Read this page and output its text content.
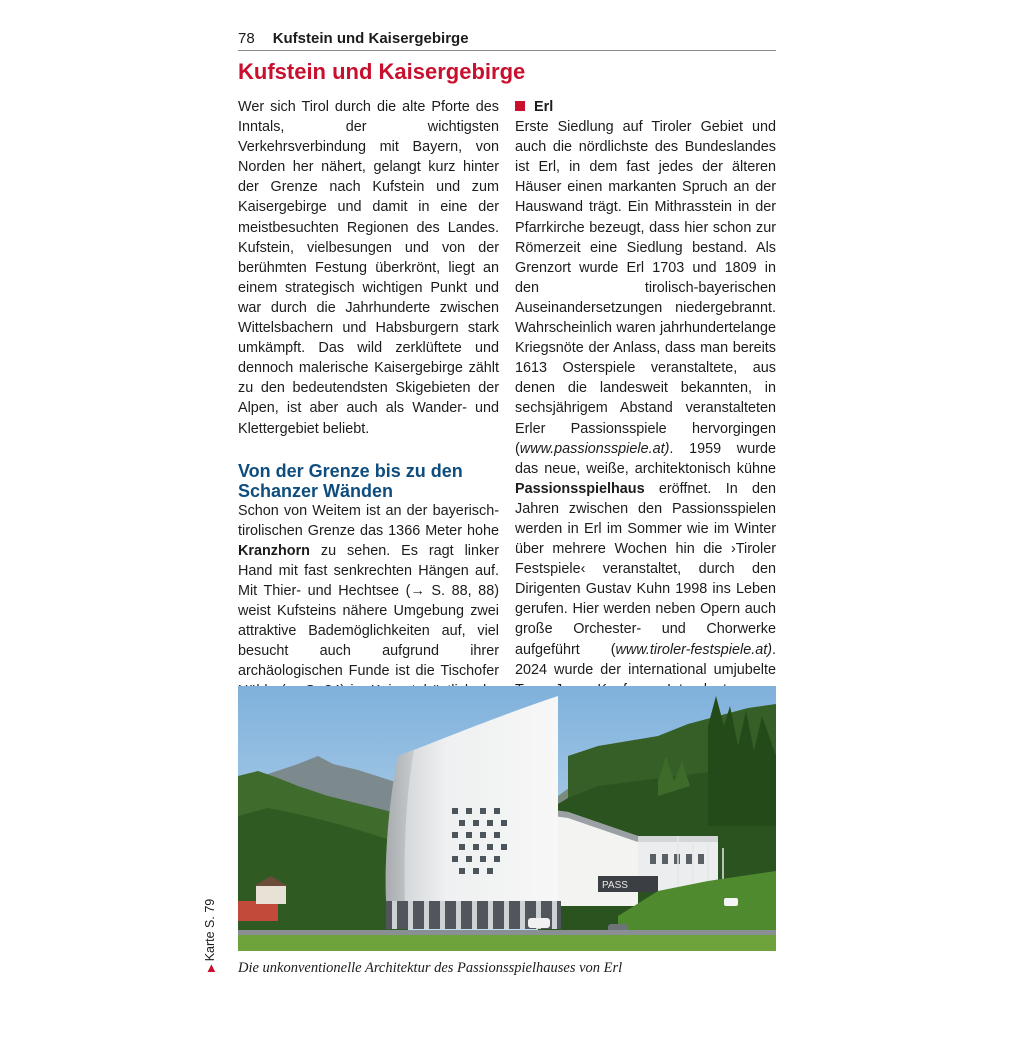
78 Kufstein und Kaisergebirge
Kufstein und Kaisergebirge

Wer sich Tirol durch die alte Pforte des Inntals, der wichtigsten Verkehrsverbindung mit Bayern, von Norden her nähert, gelangt kurz hinter der Grenze nach Kufstein und zum Kaisergebirge und damit in eine der meistbesuchten Regionen des Landes. Kufstein, vielbesungen und von der berühmten Festung überkrönt, liegt an einem strategisch wichtigen Punkt und war durch die Jahrhunderte zwischen Wittelsbachern und Habsburgern stark umkämpft. Das wild zerklüftete und dennoch malerische Kaisergebirge zählt zu den bedeutendsten Skigebieten der Alpen, ist aber auch als Wander- und Klettergebiet beliebt.

Von der Grenze bis zu den Schanzer Wänden

Schon von Weitem ist an der bayerisch-tirolischen Grenze das 1366 Meter hohe Kranzhorn zu sehen. Es ragt linker Hand mit fast senkrechten Hängen auf. Mit Thier- und Hechtsee (→ S. 88, 88) weist Kufsteins nähere Umgebung zwei attraktive Bademöglichkeiten auf, viel besucht auch aufgrund ihrer archäologischen Funde ist die Tischofer

Erl

Erste Siedlung auf Tiroler Gebiet und auch die nördlichste des Bundeslandes ist Erl, in dem fast jedes der älteren Häuser einen markanten Spruch an der Hauswand trägt. Ein Mithrasstein in der Pfarrkirche bezeugt, dass hier schon zur Römerzeit eine Siedlung bestand. Als Grenzort wurde Erl 1703 und 1809 in den tirolisch-bayerischen Auseinandersetzungen niedergebrannt. Wahrscheinlich waren jahrhundertelange Kriegsnöte der Anlass, dass man bereits 1613 Osterspiele veranstaltete, aus denen die landesweit bekannten, in sechsjährigem Abstand veranstalteten Erler Passionsspiele hervorgingen (www.passionsspiele.at). 1959 wurde das neue, weiße, architektonisch kühne Passionsspielhaus eröffnet. In den Jahren zwischen den Passionsspielen werden in Erl im Sommer wie im Winter über mehrere Wochen hin die ›Tiroler Festspiele‹ veranstaltet, durch den Dirigenten Gustav Kuhn 1998 ins Leben gerufen. Hier werden neben Opern auch große Orchester- und Chorwerke aufgeführt (www.tiroler-festspiele.at). 2024 wurde der international umjubelte

PASS

Die unkonventionelle Architektur des Passionsspielhauses von Erl

▶Karte S. 79
